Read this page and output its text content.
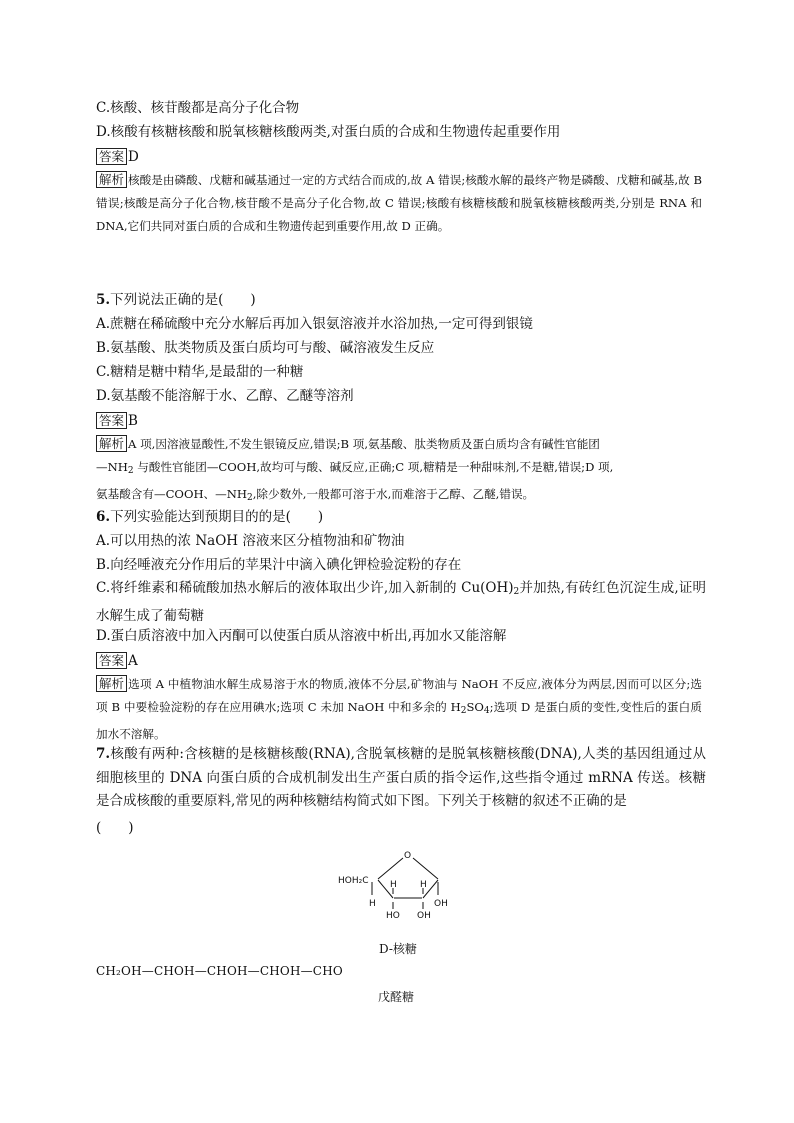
C.核酸、核苷酸都是高分子化合物
D.核酸有核糖核酸和脱氧核糖核酸两类,对蛋白质的合成和生物遗传起重要作用
答案 D
解析 核酸是由磷酸、戊糖和碱基通过一定的方式结合而成的,故 A 错误;核酸水解的最终产物是磷酸、戊糖和碱基,故 B 错误;核酸是高分子化合物,核苷酸不是高分子化合物,故 C 错误;核酸有核糖核酸和脱氧核糖核酸两类,分别是 RNA 和 DNA,它们共同对蛋白质的合成和生物遗传起到重要作用,故 D 正确。
5.下列说法正确的是(　　)
A.蔗糖在稀硫酸中充分水解后再加入银氨溶液并水浴加热,一定可得到银镜
B.氨基酸、肽类物质及蛋白质均可与酸、碱溶液发生反应
C.糖精是糖中精华,是最甜的一种糖
D.氨基酸不能溶解于水、乙醇、乙醚等溶剂
答案 B
解析 A 项,因溶液显酸性,不发生银镜反应,错误;B 项,氨基酸、肽类物质及蛋白质均含有碱性官能团
$—NH_2$ 与酸性官能团—COOH,故均可与酸、碱反应,正确;C 项,糖精是一种甜味剂,不是糖,错误;D 项,
氨基酸含有—COOH、$—NH_2$,除少数外,一般都可溶于水,而难溶于乙醇、乙醚,错误。
6.下列实验能达到预期目的的是(　　)
A.可以用热的浓 NaOH 溶液来区分植物油和矿物油
B.向经唾液充分作用后的苹果汁中滴入碘化钾检验淀粉的存在
C.将纤维素和稀硫酸加热水解后的液体取出少许,加入新制的 $Cu(OH)_2$并加热,有砖红色沉淀生成,证明水解生成了葡萄糖
D.蛋白质溶液中加入丙酮可以使蛋白质从溶液中析出,再加水又能溶解
答案 A
解析 选项 A 中植物油水解生成易溶于水的物质,液体不分层,矿物油与 NaOH 不反应,液体分为两层,因而可以区分;选项 B 中要检验淀粉的存在应用碘水;选项 C 未加 NaOH 中和多余的 $H_2SO_4$;选项 D 是蛋白质的变性,变性后的蛋白质加水不溶解。
7.核酸有两种:含核糖的是核糖核酸(RNA),含脱氧核糖的是脱氧核糖核酸(DNA),人类的基因组通过从细胞核里的 DNA 向蛋白质的合成机制发出生产蛋白质的指令运作,这些指令通过 mRNA 传送。核糖是合成核酸的重要原料,常见的两种核糖结构简式如下图。下列关于核糖的叙述不正确的是
(　　)
O
HOH₂C
H
H	H
HO OH
OH
D-核糖
CH₂OH—CHOH—CHOH—CHOH—CHO
戊醛糖
